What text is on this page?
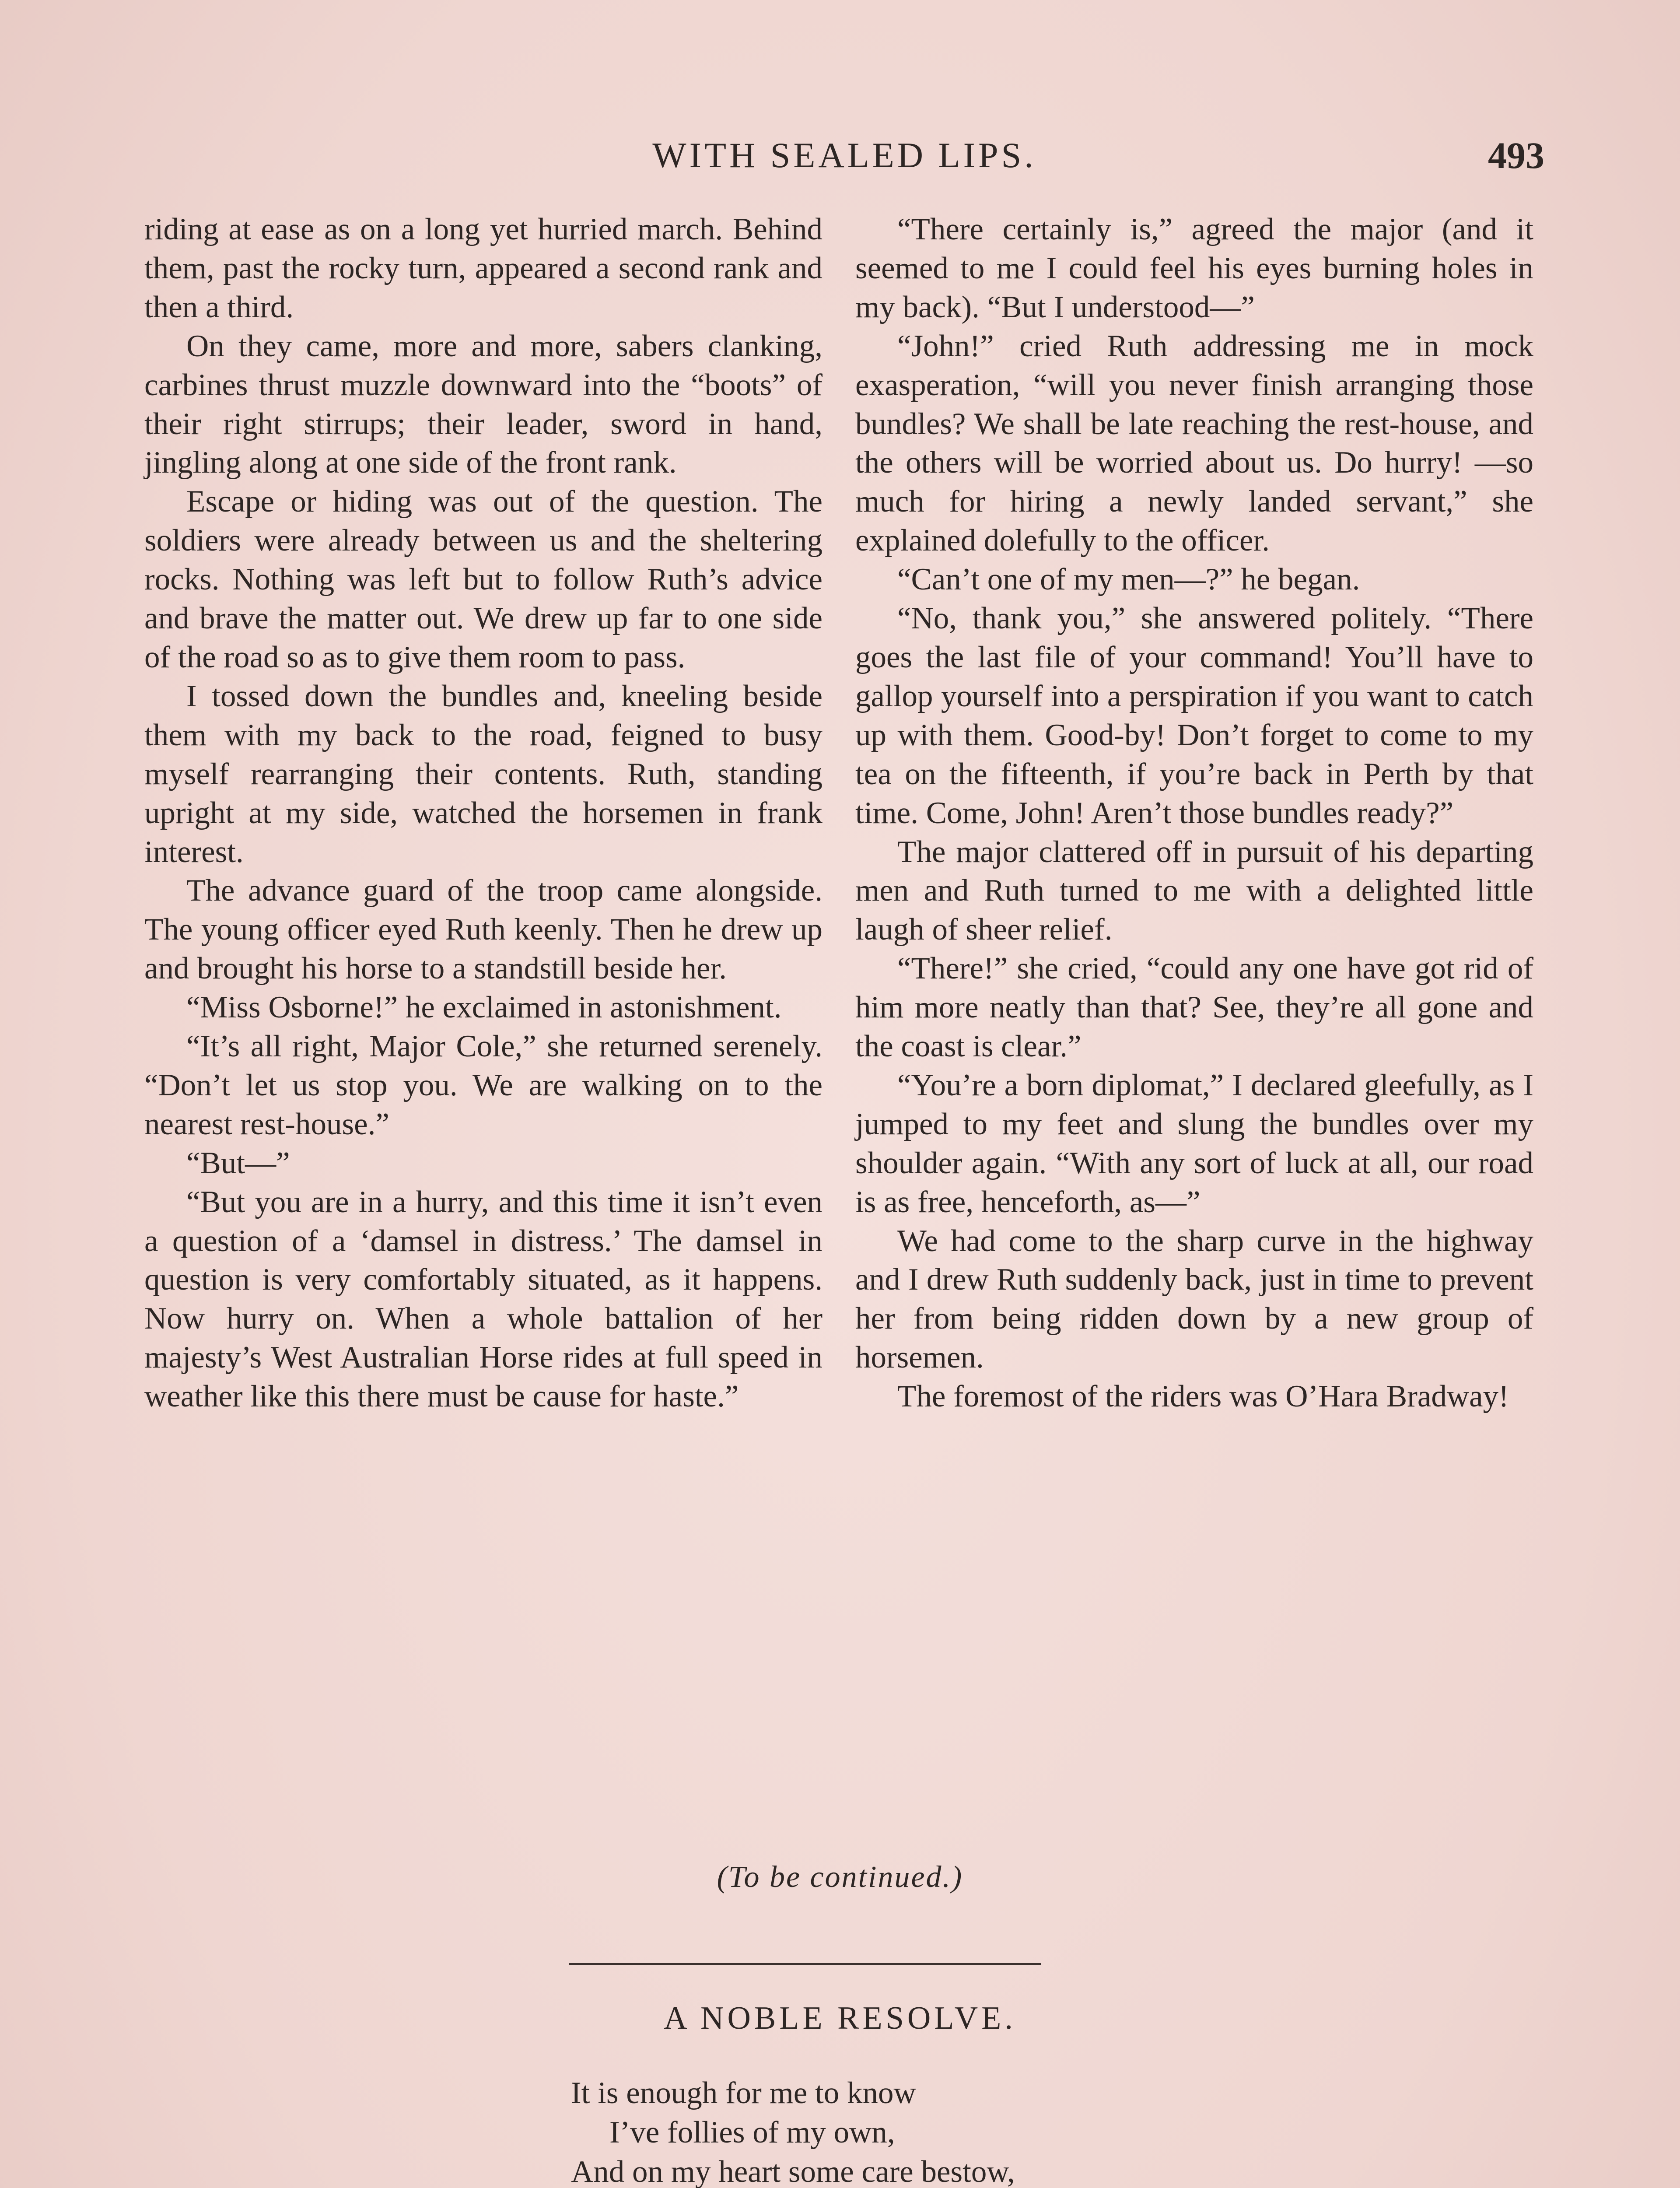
WITH SEALED LIPS.	493

riding at ease as on a long yet hurried march. Behind them, past the rocky turn, appeared a second rank and then a third.

On they came, more and more, sabers clanking, carbines thrust muzzle downward into the “boots” of their right stirrups; their leader, sword in hand, jingling along at one side of the front rank.

Escape or hiding was out of the question. The soldiers were already between us and the sheltering rocks. Nothing was left but to follow Ruth’s advice and brave the matter out. We drew up far to one side of the road so as to give them room to pass.

I tossed down the bundles and, kneeling beside them with my back to the road, feigned to busy myself rearranging their contents. Ruth, standing upright at my side, watched the horsemen in frank interest.

The advance guard of the troop came alongside. The young officer eyed Ruth keenly. Then he drew up and brought his horse to a standstill beside her.

“Miss Osborne!” he exclaimed in astonishment.

“It’s all right, Major Cole,” she returned serenely. “Don’t let us stop you. We are walking on to the nearest rest-house.”

“But—”

“But you are in a hurry, and this time it isn’t even a question of a ‘damsel in distress.’ The damsel in question is very comfortably situated, as it happens. Now hurry on. When a whole battalion of her majesty’s West Australian Horse rides at full speed in weather like this there must be cause for haste.”

“There certainly is,” agreed the major (and it seemed to me I could feel his eyes burning holes in my back). “But I understood—”

“John!” cried Ruth addressing me in mock exasperation, “will you never finish arranging those bundles? We shall be late reaching the rest-house, and the others will be worried about us. Do hurry! —so much for hiring a newly landed servant,” she explained dolefully to the officer.

“Can’t one of my men—?” he began.

“No, thank you,” she answered politely. “There goes the last file of your command! You’ll have to gallop yourself into a perspiration if you want to catch up with them. Good-by! Don’t forget to come to my tea on the fifteenth, if you’re back in Perth by that time. Come, John! Aren’t those bundles ready?”

The major clattered off in pursuit of his departing men and Ruth turned to me with a delighted little laugh of sheer relief.

“There!” she cried, “could any one have got rid of him more neatly than that? See, they’re all gone and the coast is clear.”

“You’re a born diplomat,” I declared gleefully, as I jumped to my feet and slung the bundles over my shoulder again. “With any sort of luck at all, our road is as free, henceforth, as—”

We had come to the sharp curve in the highway and I drew Ruth suddenly back, just in time to prevent her from being ridden down by a new group of horsemen.

The foremost of the riders was O’Hara Bradway!

(To be continued.)
A NOBLE RESOLVE.
It is enough for me to know
I’ve follies of my own,
And on my heart some care bestow,
